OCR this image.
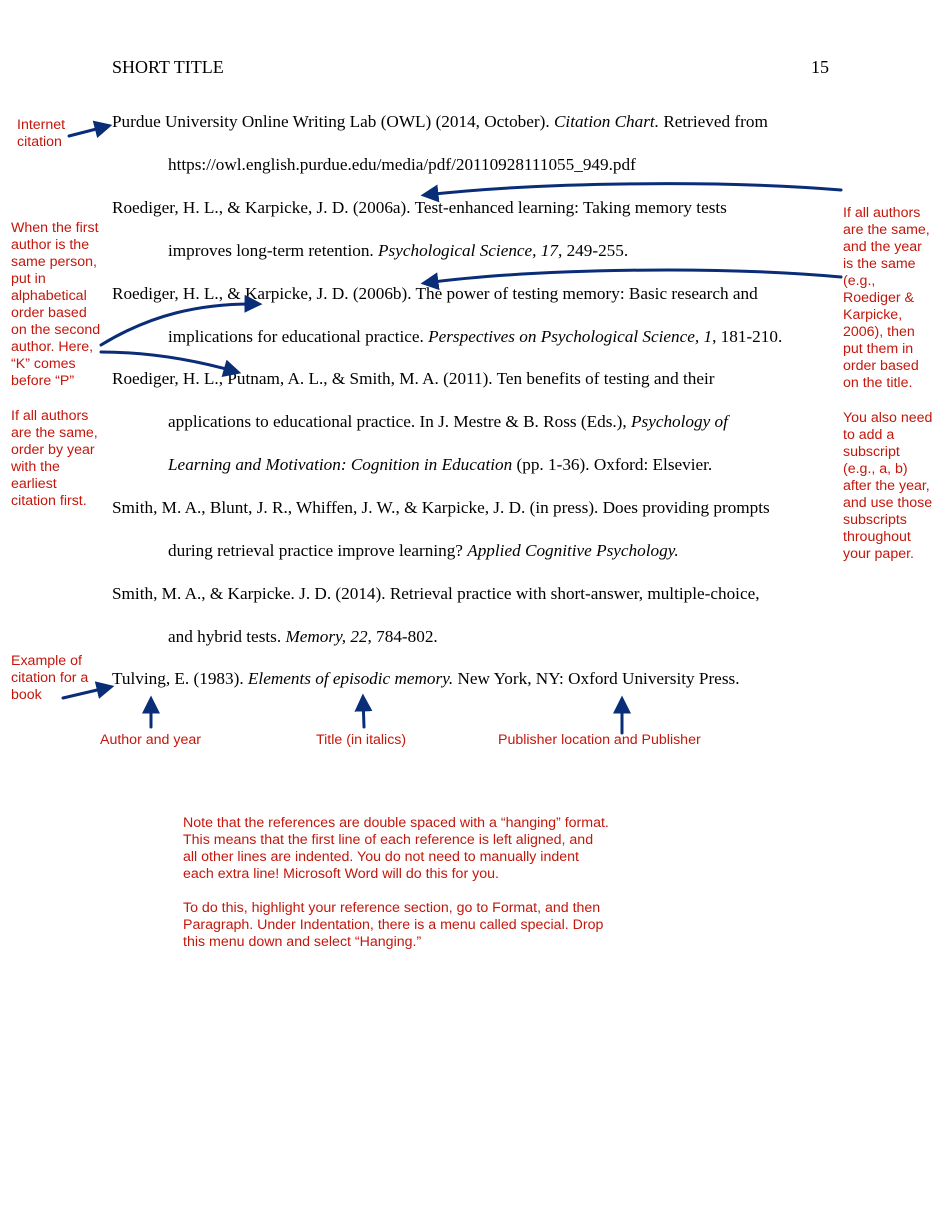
SHORT TITLE	15
Purdue University Online Writing Lab (OWL) (2014, October). Citation Chart. Retrieved from
https://owl.english.purdue.edu/media/pdf/20110928111055_949.pdf
Roediger, H. L., & Karpicke, J. D. (2006a). Test-enhanced learning: Taking memory tests
improves long-term retention. Psychological Science, 17, 249-255.
Roediger, H. L., & Karpicke, J. D. (2006b). The power of testing memory: Basic research and
implications for educational practice. Perspectives on Psychological Science, 1, 181-210.
Roediger, H. L., Putnam, A. L., & Smith, M. A. (2011). Ten benefits of testing and their
applications to educational practice. In J. Mestre & B. Ross (Eds.), Psychology of
Learning and Motivation: Cognition in Education (pp. 1-36). Oxford: Elsevier.
Smith, M. A., Blunt, J. R., Whiffen, J. W., & Karpicke, J. D. (in press). Does providing prompts
during retrieval practice improve learning? Applied Cognitive Psychology.
Smith, M. A., & Karpicke. J. D. (2014). Retrieval practice with short-answer, multiple-choice,
and hybrid tests. Memory, 22, 784-802.
Tulving, E. (1983). Elements of episodic memory. New York, NY: Oxford University Press.
Internet
citation
When the first
author is the
same person,
put in
alphabetical
order based
on the second
author. Here,
“K” comes
before “P”
If all authors
are the same,
order by year
with the
earliest
citation first.
If all authors
are the same,
and the year
is the same
(e.g.,
Roediger &
Karpicke,
2006), then
put them in
order based
on the title.
You also need
to add a
subscript
(e.g., a, b)
after the year,
and use those
subscripts
throughout
your paper.
Example of
citation for a
book
Author and year	Title (in italics)	Publisher location and Publisher

Note that the references are double spaced with a “hanging” format.
This means that the first line of each reference is left aligned, and
all other lines are indented. You do not need to manually indent
each extra line! Microsoft Word will do this for you.

To do this, highlight your reference section, go to Format, and then
Paragraph. Under Indentation, there is a menu called special. Drop
this menu down and select “Hanging.”
